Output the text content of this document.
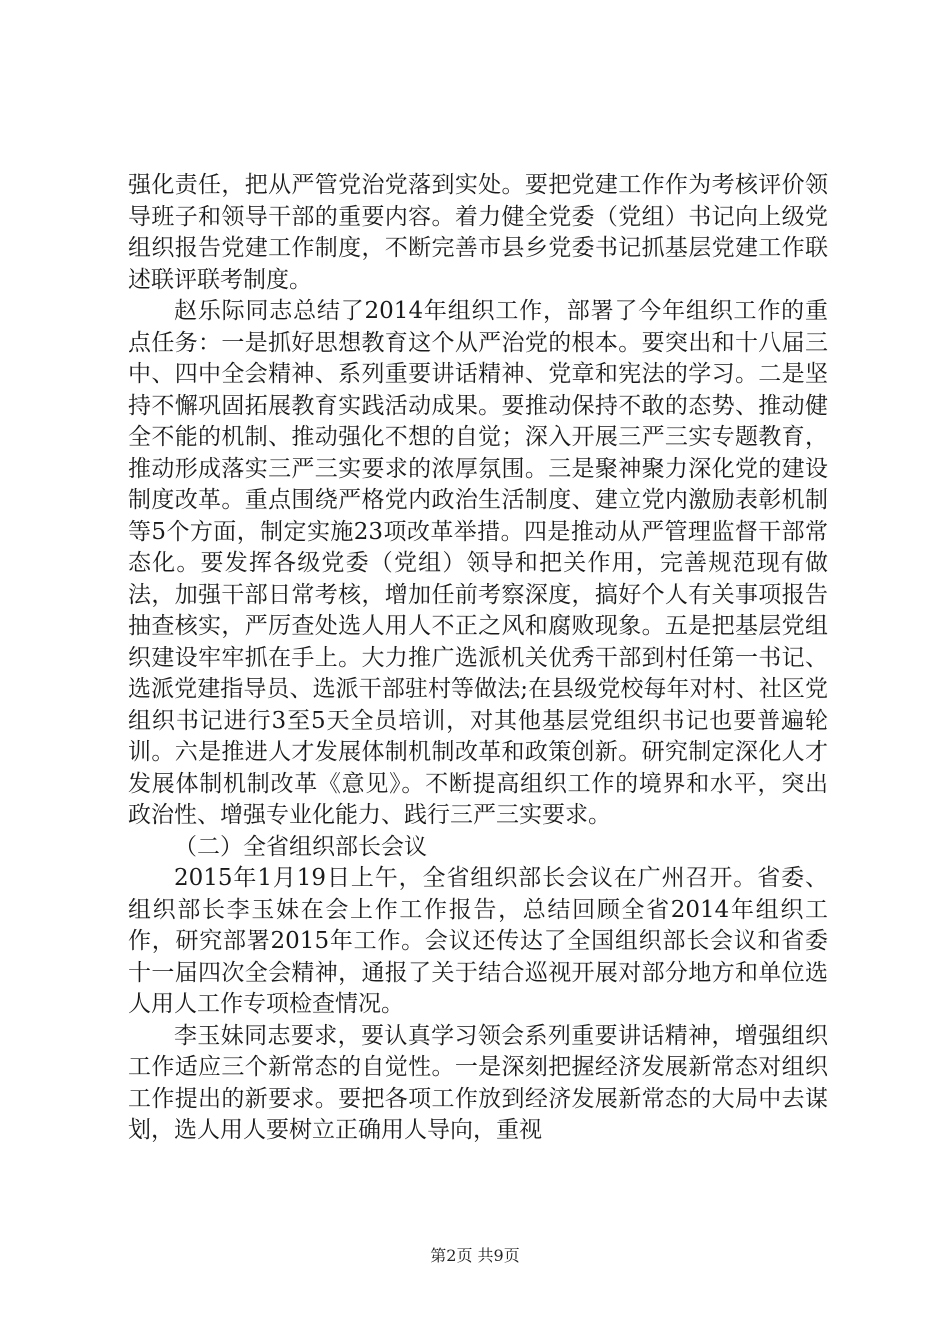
强化责任，把从严管党治党落到实处。要把党建工作作为考核评价领导班子和领导干部的重要内容。着力健全党委（党组）书记向上级党组织报告党建工作制度，不断完善市县乡党委书记抓基层党建工作联述联评联考制度。

赵乐际同志总结了2014年组织工作，部署了今年组织工作的重点任务：一是抓好思想教育这个从严治党的根本。要突出和十八届三中、四中全会精神、系列重要讲话精神、党章和宪法的学习。二是坚持不懈巩固拓展教育实践活动成果。要推动保持不敢的态势、推动健全不能的机制、推动强化不想的自觉；深入开展三严三实专题教育，推动形成落实三严三实要求的浓厚氛围。三是聚神聚力深化党的建设制度改革。重点围绕严格党内政治生活制度、建立党内激励表彰机制等5个方面，制定实施23项改革举措。四是推动从严管理监督干部常态化。要发挥各级党委（党组）领导和把关作用，完善规范现有做法，加强干部日常考核，增加任前考察深度，搞好个人有关事项报告抽查核实，严厉查处选人用人不正之风和腐败现象。五是把基层党组织建设牢牢抓在手上。大力推广选派机关优秀干部到村任第一书记、选派党建指导员、选派干部驻村等做法;在县级党校每年对村、社区党组织书记进行3至5天全员培训，对其他基层党组织书记也要普遍轮训。六是推进人才发展体制机制改革和政策创新。研究制定深化人才发展体制机制改革《意见》。不断提高组织工作的境界和水平，突出政治性、增强专业化能力、践行三严三实要求。

（二）全省组织部长会议

2015年1月19日上午，全省组织部长会议在广州召开。省委、组织部长李玉妹在会上作工作报告，总结回顾全省2014年组织工作，研究部署2015年工作。会议还传达了全国组织部长会议和省委十一届四次全会精神，通报了关于结合巡视开展对部分地方和单位选人用人工作专项检查情况。

李玉妹同志要求，要认真学习领会系列重要讲话精神，增强组织工作适应三个新常态的自觉性。一是深刻把握经济发展新常态对组织工作提出的新要求。要把各项工作放到经济发展新常态的大局中去谋划，选人用人要树立正确用人导向，重视

第2页 共9页
